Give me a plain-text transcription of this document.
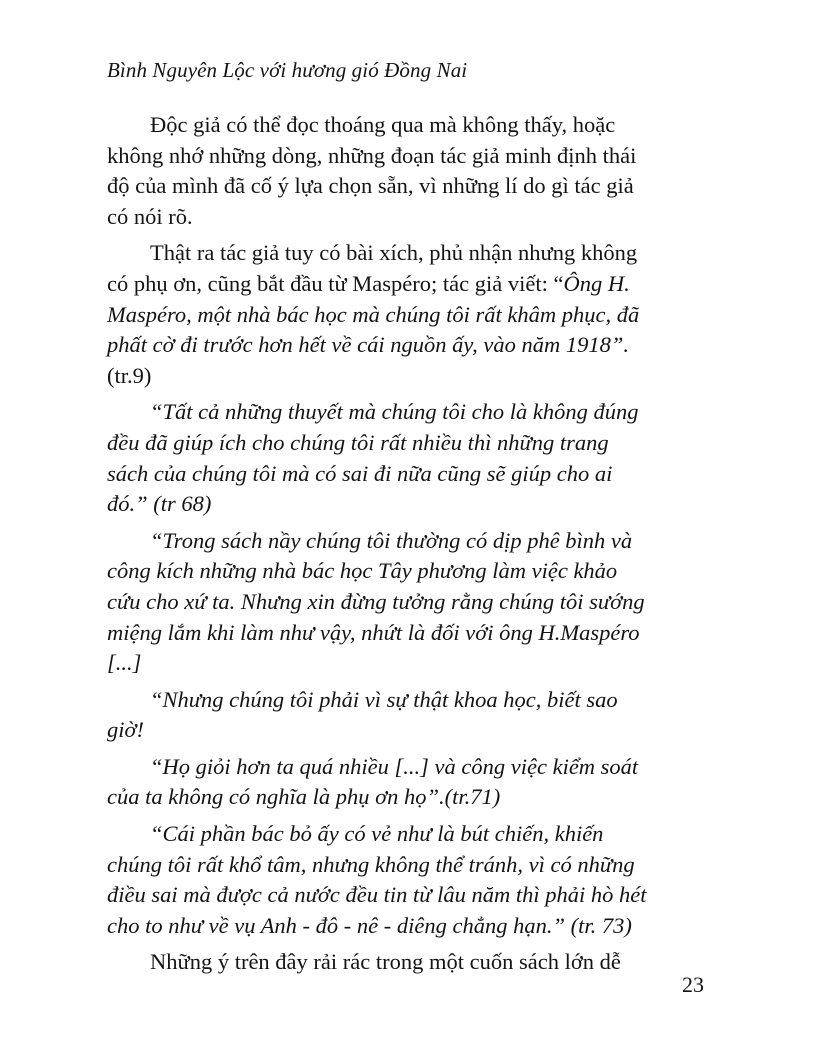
Bình Nguyên Lộc với hương gió Đồng Nai

Độc giả có thể đọc thoáng qua mà không thấy, hoặc
không nhớ những dòng, những đoạn tác giả minh định thái
độ của mình đã cố ý lựa chọn sẵn, vì những lí do gì tác giả
có nói rõ.

Thật ra tác giả tuy có bài xích, phủ nhận nhưng không
có phụ ơn, cũng bắt đầu từ Maspéro; tác giả viết: “Ông H.
Maspéro, một nhà bác học mà chúng tôi rất khâm phục, đã
phất cờ đi trước hơn hết về cái nguồn ấy, vào năm 1918”.
(tr.9)

“Tất cả những thuyết mà chúng tôi cho là không đúng
đều đã giúp ích cho chúng tôi rất nhiều thì những trang
sách của chúng tôi mà có sai đi nữa cũng sẽ giúp cho ai
đó.” (tr 68)

“Trong sách nầy chúng tôi thường có dịp phê bình và
công kích những nhà bác học Tây phương làm việc khảo
cứu cho xứ ta. Nhưng xin đừng tưởng rằng chúng tôi sướng
miệng lắm khi làm như vậy, nhứt là đối với ông H.Maspéro
[...]

“Nhưng chúng tôi phải vì sự thật khoa học, biết sao
giờ!

“Họ giỏi hơn ta quá nhiều [...] và công việc kiểm soát
của ta không có nghĩa là phụ ơn họ”.(tr.71)

“Cái phần bác bỏ ấy có vẻ như là bút chiến, khiến
chúng tôi rất khổ tâm, nhưng không thể tránh, vì có những
điều sai mà được cả nước đều tin từ lâu năm thì phải hò hét
cho to như về vụ Anh - đô - nê - diêng chẳng hạn.” (tr. 73)

Những ý trên đây rải rác trong một cuốn sách lớn dễ

23
